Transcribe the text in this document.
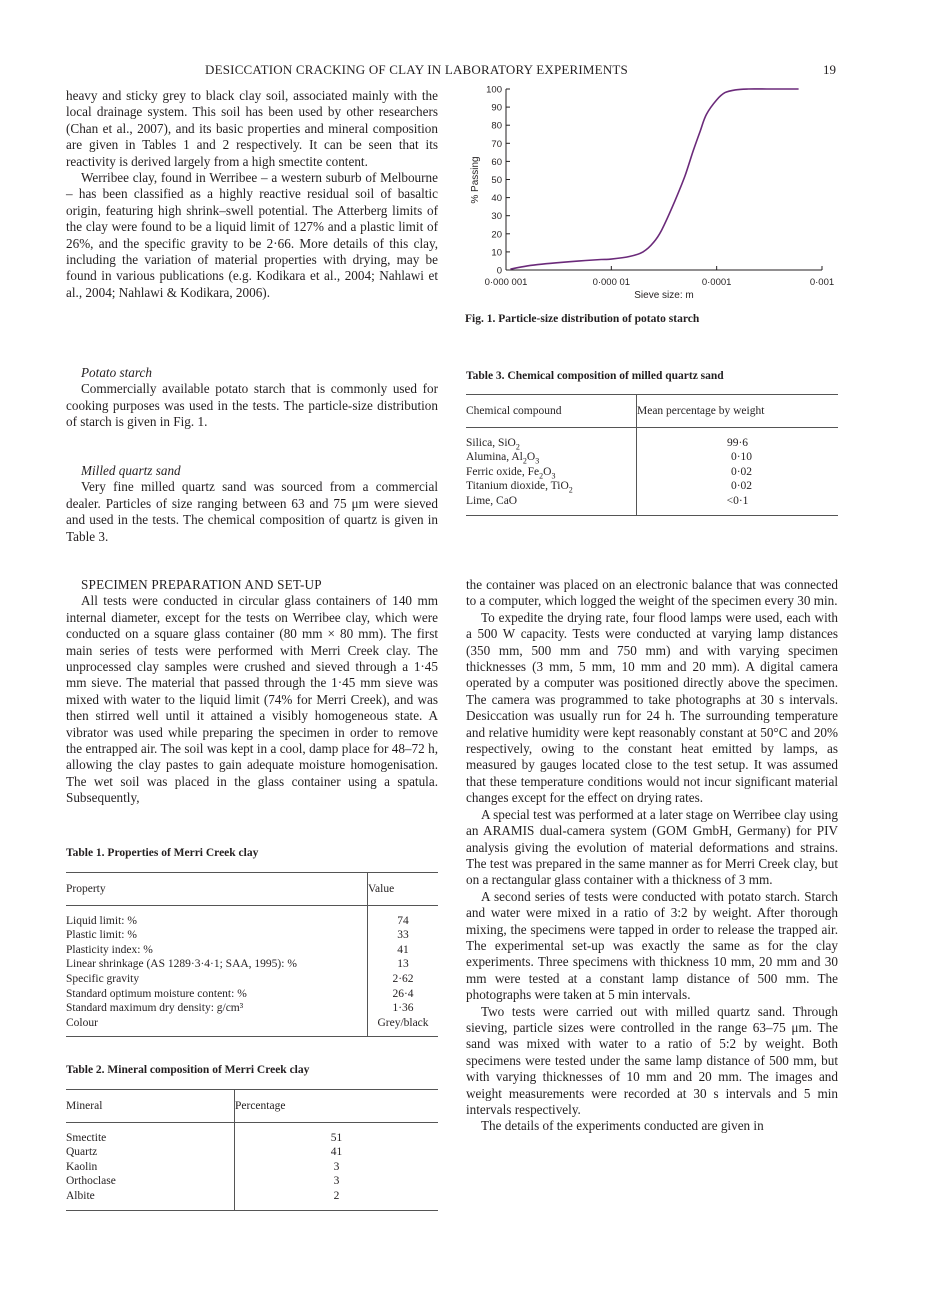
DESICCATION CRACKING OF CLAY IN LABORATORY EXPERIMENTS	19

heavy and sticky grey to black clay soil, associated mainly with the local drainage system. This soil has been used by other researchers (Chan et al., 2007), and its basic properties and mineral composition are given in Tables 1 and 2 respectively. It can be seen that its reactivity is derived largely from a high smectite content.

Werribee clay, found in Werribee – a western suburb of Melbourne – has been classified as a highly reactive residual soil of basaltic origin, featuring high shrink–swell potential. The Atterberg limits of the clay were found to be a liquid limit of 127% and a plastic limit of 26%, and the specific gravity to be 2·66. More details of this clay, including the variation of material properties with drying, may be found in various publications (e.g. Kodikara et al., 2004; Nahlawi et al., 2004; Nahlawi & Kodikara, 2006).

Potato starch

Commercially available potato starch that is commonly used for cooking purposes was used in the tests. The particle-size distribution of starch is given in Fig. 1.

Milled quartz sand

Very fine milled quartz sand was sourced from a commercial dealer. Particles of size ranging between 63 and 75 μm were sieved and used in the tests. The chemical composition of quartz is given in Table 3.

SPECIMEN PREPARATION AND SET-UP

All tests were conducted in circular glass containers of 140 mm internal diameter, except for the tests on Werribee clay, which were conducted on a square glass container (80 mm × 80 mm). The first main series of tests were performed with Merri Creek clay. The unprocessed clay samples were crushed and sieved through a 1·45 mm sieve. The material that passed through the 1·45 mm sieve was mixed with water to the liquid limit (74% for Merri Creek), and was then stirred well until it attained a visibly homogeneous state. A vibrator was used while preparing the specimen in order to remove the entrapped air. The soil was kept in a cool, damp place for 48–72 h, allowing the clay pastes to gain adequate moisture homogenisation. The wet soil was placed in the glass container using a spatula. Subsequently,

Table 1. Properties of Merri Creek clay

Property	Value
Liquid limit: %	74
Plastic limit: %	33
Plasticity index: %	41
Linear shrinkage (AS 1289·3·4·1; SAA, 1995): %	13
Specific gravity	2·62
Standard optimum moisture content: %	26·4
Standard maximum dry density: g/cm³	1·36
Colour	Grey/black

Table 2. Mineral composition of Merri Creek clay

Mineral	Percentage
Smectite	51
Quartz	41
Kaolin	3
Orthoclase	3
Albite	2
% Passing
0
10
20
30
40
50
60
70
80
90
100
0·000 001	0·000 01	0·0001	0·001
Sieve size: m

Fig. 1. Particle-size distribution of potato starch

Table 3. Chemical composition of milled quartz sand

Chemical compound	Mean percentage by weight
Silica, SiO$_2$	99·6
Alumina, $Al_2O_3$	0·10
Ferric oxide, $Fe_2O_3$	0·02
Titanium dioxide, TiO$_2$	0·02
Lime, CaO	<0·1

the container was placed on an electronic balance that was connected to a computer, which logged the weight of the specimen every 30 min.

To expedite the drying rate, four flood lamps were used, each with a 500 W capacity. Tests were conducted at varying lamp distances (350 mm, 500 mm and 750 mm) and with varying specimen thicknesses (3 mm, 5 mm, 10 mm and 20 mm). A digital camera operated by a computer was positioned directly above the specimen. The camera was programmed to take photographs at 30 s intervals. Desiccation was usually run for 24 h. The surrounding temperature and relative humidity were kept reasonably constant at 50°C and 20% respectively, owing to the constant heat emitted by lamps, as measured by gauges located close to the test setup. It was assumed that these temperature conditions would not incur significant material changes except for the effect on drying rates.

A special test was performed at a later stage on Werribee clay using an ARAMIS dual-camera system (GOM GmbH, Germany) for PIV analysis giving the evolution of material deformations and strains. The test was prepared in the same manner as for Merri Creek clay, but on a rectangular glass container with a thickness of 3 mm.

A second series of tests were conducted with potato starch. Starch and water were mixed in a ratio of 3:2 by weight. After thorough mixing, the specimens were tapped in order to release the trapped air. The experimental set-up was exactly the same as for the clay experiments. Three specimens with thickness 10 mm, 20 mm and 30 mm were tested at a constant lamp distance of 500 mm. The photographs were taken at 5 min intervals.

Two tests were carried out with milled quartz sand. Through sieving, particle sizes were controlled in the range 63–75 μm. The sand was mixed with water to a ratio of 5:2 by weight. Both specimens were tested under the same lamp distance of 500 mm, but with varying thicknesses of 10 mm and 20 mm. The images and weight measurements were recorded at 30 s intervals and 5 min intervals respectively.

The details of the experiments conducted are given in
